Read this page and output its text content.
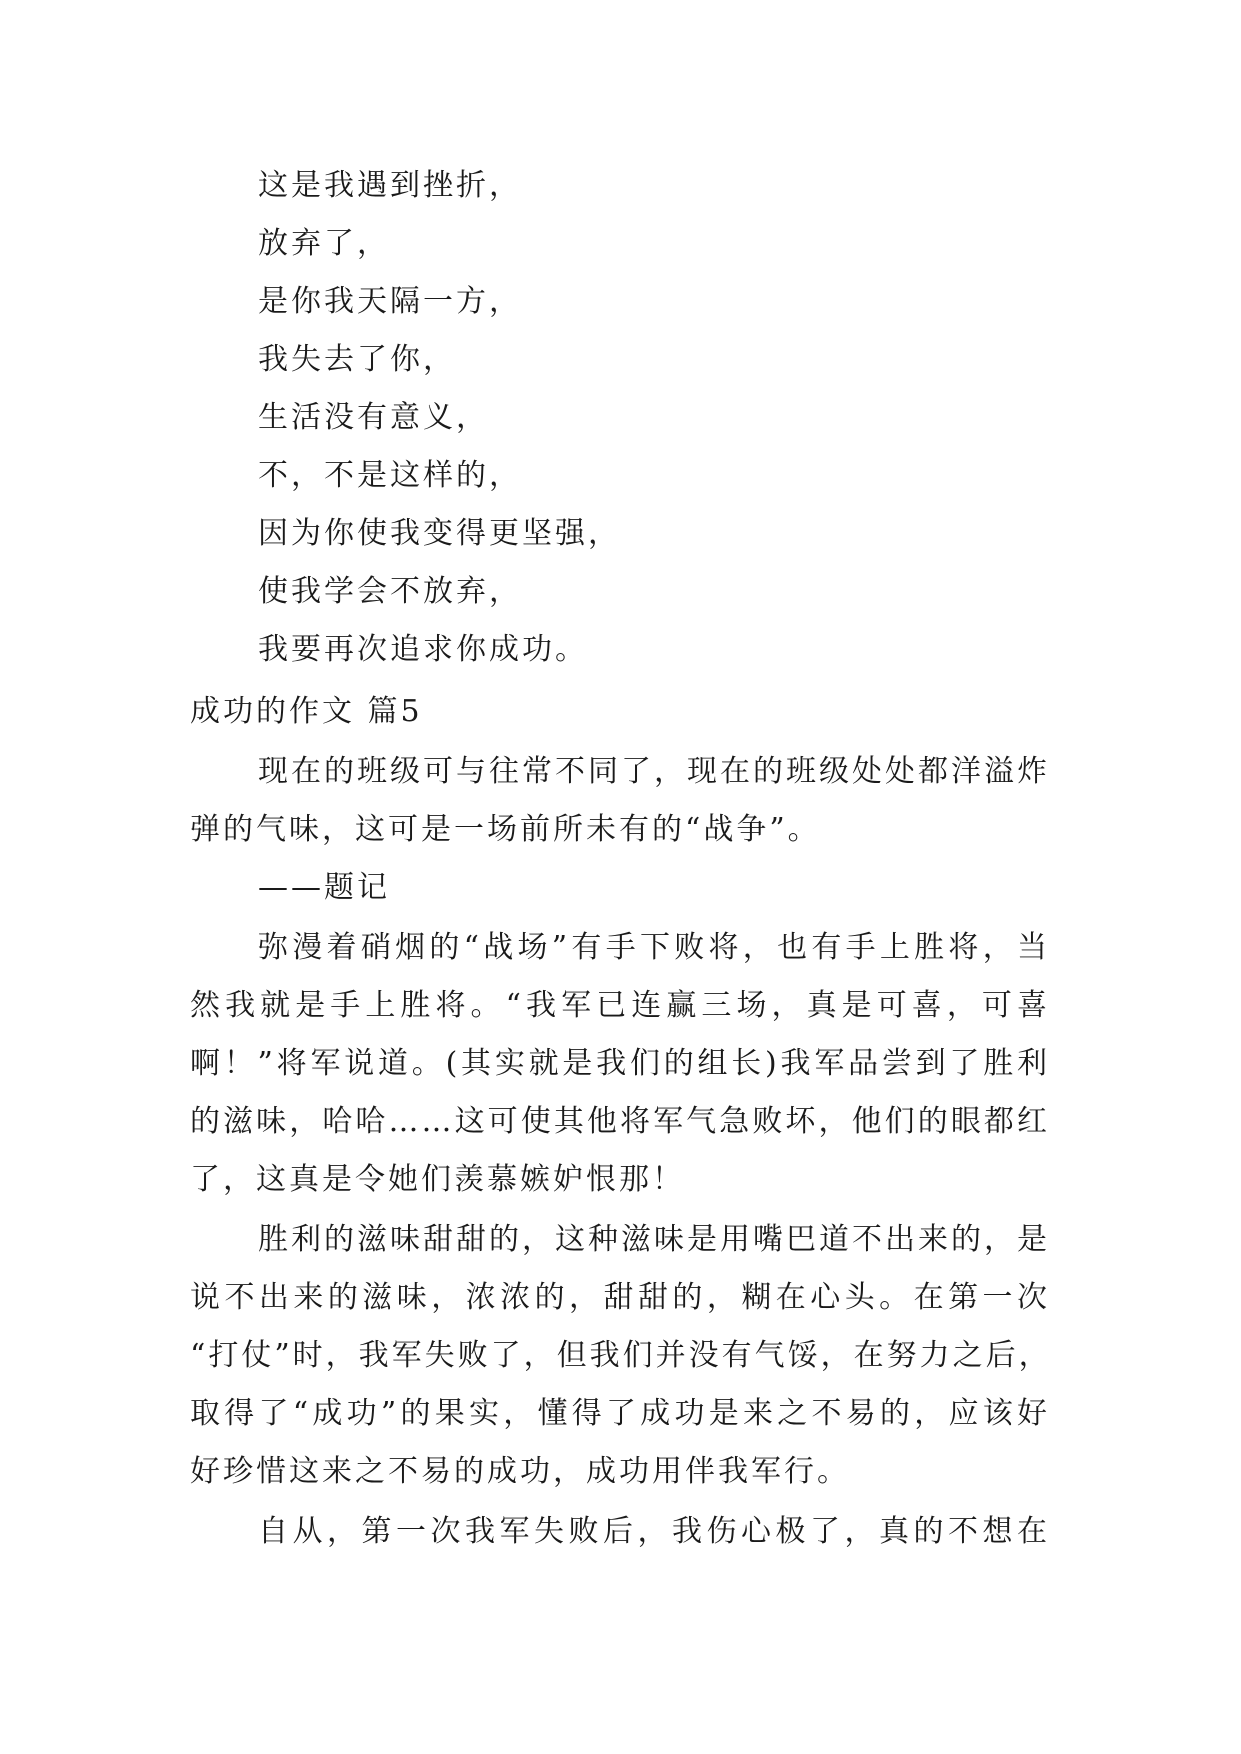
这是我遇到挫折，
放弃了，
是你我天隔一方，
我失去了你，
生活没有意义，
不，不是这样的，
因为你使我变得更坚强，
使我学会不放弃，
我要再次追求你成功。
成功的作文 篇5
现在的班级可与往常不同了，现在的班级处处都洋溢炸
弹的气味，这可是一场前所未有的“战争”。
——题记
弥漫着硝烟的“战场”有手下败将，也有手上胜将，当
然我就是手上胜将。“我军已连赢三场，真是可喜，可喜
啊！”将军说道。(其实就是我们的组长)我军品尝到了胜利
的滋味，哈哈……这可使其他将军气急败坏，他们的眼都红
了，这真是令她们羡慕嫉妒恨那！
胜利的滋味甜甜的，这种滋味是用嘴巴道不出来的，是
说不出来的滋味，浓浓的，甜甜的，糊在心头。在第一次
“打仗”时，我军失败了，但我们并没有气馁，在努力之后，
取得了“成功”的果实，懂得了成功是来之不易的，应该好
好珍惜这来之不易的成功，成功用伴我军行。
自从，第一次我军失败后，我伤心极了，真的不想在
